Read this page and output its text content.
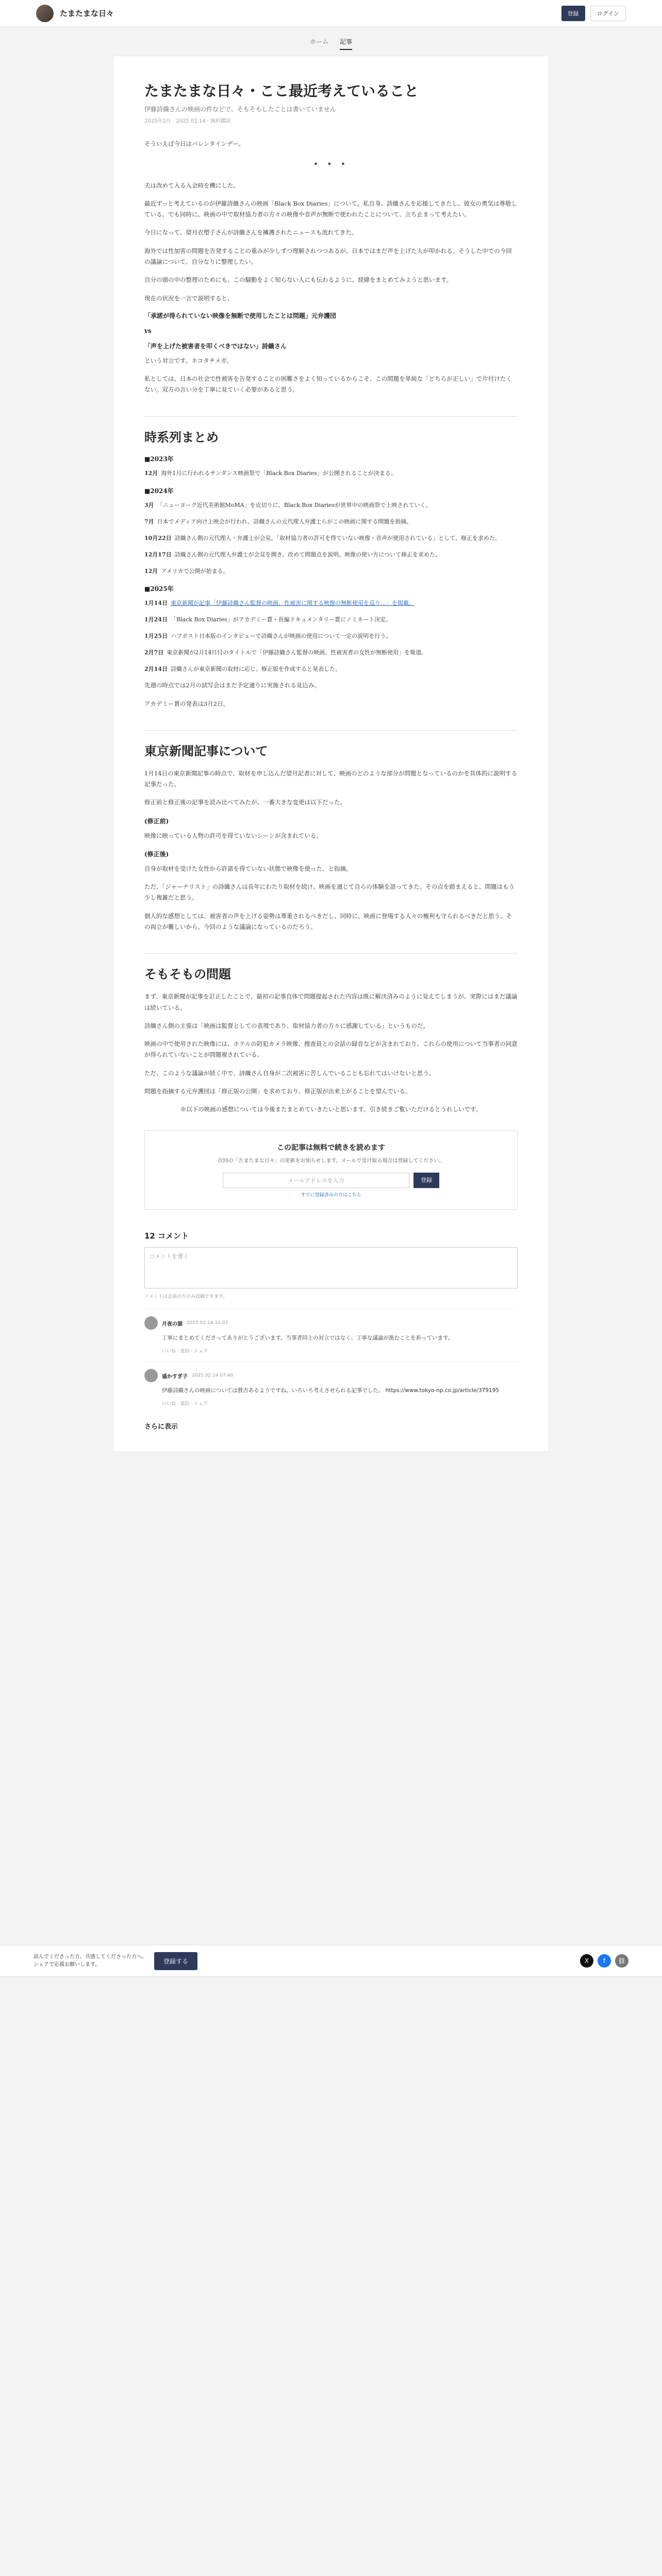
たまたまな日々	登録	ログイン
ホーム 記事
たまたまな日々・ここ最近考えていること

伊藤詩織さんの映画の件などで、そもそもしたことは書いていません

2025年2月 · 2025.02.14 · 無料購読

そういえば今日はバレンタインデー。

• • •

夫は改めて入る入会時を機にした。

最近ずっと考えているのが伊藤詩織さんの映画「Black Box Diaries」について。私自身、詩織さんを応援してきたし、彼女の勇気は尊敬している。でも同時に、映画の中で取材協力者の方々の映像や音声が無断で使われたことについて、立ち止まって考えたい。

今日になって、望月衣塑子さんが詩織さんを擁護されたニュースも流れてきた。

海外では性加害の問題を告発することの重みが少しずつ理解されつつあるが、日本ではまだ声を上げた人が叩かれる。そうした中での今回の議論について、自分なりに整理したい。

自分の頭の中の整理のためにも、この騒動をよく知らない人にも伝わるように、経緯をまとめてみようと思います。

現在の状況を一言で説明すると、

「承諾が得られていない映像を無断で使用したことは問題」元弁護団

vs

「声を上げた被害者を叩くべきではない」詩織さん

という対立です。ネコタチメガ。

私としては、日本の社会で性被害を告発することの困難さをよく知っているからこそ、この問題を単純な「どちらが正しい」で片付けたくない。双方の言い分を丁寧に見ていく必要があると思う。

時系列まとめ

■2023年

12月 海外1月に行われるサンダンス映画祭で「Black Box Diaries」が公開されることが決まる。

■2024年

3月 「ニューヨーク近代美術館MoMA」を皮切りに、Black Box Diariesが世界中の映画祭で上映されていく。

7月 日本でメディア向け上映会が行われ、詩織さんの元代理人弁護士らがこの映画に関する問題を指摘。

10月22日 詩織さん側の元代理人・弁護士が会見。「取材協力者の許可を得ていない映像・音声が使用されている」として、修正を求めた。

12月17日 詩織さん側の元代理人弁護士が会見を開き、改めて問題点を説明。映像の使い方について修正を求めた。

12月 アメリカで公開が始まる。

■2025年

1月14日 東京新聞が記事「伊藤詩織さん監督の映画、性被害に関する映像の無断使用を巡り…」を掲載。

1月24日 「Black Box Diaries」がアカデミー賞・長編ドキュメンタリー賞にノミネート決定。

1月25日 ハフポスト日本版のインタビューで詩織さんが映画の使用について一定の説明を行う。

2月7日 東京新聞が2月14日付のタイトルで「伊藤詩織さん監督の映画、性被害者の女性が無断使用」を報道。

2月14日 詩織さんが東京新聞の取材に応じ、修正版を作成すると発表した。

先週の時点では2月の試写会はまだ予定通りに実施される見込み。

アカデミー賞の発表は3月2日。

東京新聞記事について

1月14日の東京新聞記事の時点で、取材を申し込んだ望月記者に対して、映画のどのような部分が問題となっているのかを具体的に説明する記事だった。

修正前と修正後の記事を読み比べてみたが、一番大きな変更は以下だった。

(修正前)

映像に映っている人物の許可を得ていないシーンが含まれている。

(修正後)

自身が取材を受けた女性から許諾を得ていない状態で映像を使った、と指摘。

ただ、「ジャーナリスト」の詩織さんは長年にわたり取材を続け、映画を通じて自らの体験を語ってきた。その点を踏まえると、問題はもう少し複雑だと思う。

個人的な感想としては、被害者の声を上げる姿勢は尊重されるべきだし、同時に、映画に登場する人々の権利も守られるべきだと思う。その両立が難しいから、今回のような議論になっているのだろう。

そもそもの問題

まず、東京新聞が記事を訂正したことで、最初の記事自体で問題提起された内容は既に解決済みのように見えてしまうが、実際にはまだ議論は続いている。

詩織さん側の主張は「映画は監督としての表現であり、取材協力者の方々に感謝している」というものだ。

映画の中で使用された映像には、ホテルの防犯カメラ映像、捜査員との会話の録音などが含まれており、これらの使用について当事者の同意が得られていないことが問題視されている。

ただ、このような議論が続く中で、詩織さん自身が二次被害に苦しんでいることも忘れてはいけないと思う。

問題を指摘する元弁護団は「修正版の公開」を求めており、修正版が出来上がることを望んでいる。

※以下の映画の感想については今後またまとめていきたいと思います。引き続きご覧いただけるとうれしいです。

この記事は無料で続きを読めます

次回の「たまたまな日々」の更新をお知らせします。メールで受け取る場合は登録してください。

メールアドレスを入力	登録

すでに登録済みの方はこちら

12 コメント

コメントを書く

コメントは会員の方のみ投稿できます。

月夜の猫 2025.02.14 11:02

丁寧にまとめてくださってありがとうございます。当事者同士の対立ではなく、丁寧な議論が進むことを祈っています。

いいね · 返信 · シェア

遥かすぎ子 2025.02.14 07:40

伊藤詩織さんの映画については賛否あるようですね。いろいろ考えさせられる記事でした。 https://www.tokyo-np.co.jp/article/379195

いいね · 返信 · シェア

さらに表示

読んでくださった方、共感してくださった方へ。シェアで応援お願いします。	登録する	X	f	⛓
